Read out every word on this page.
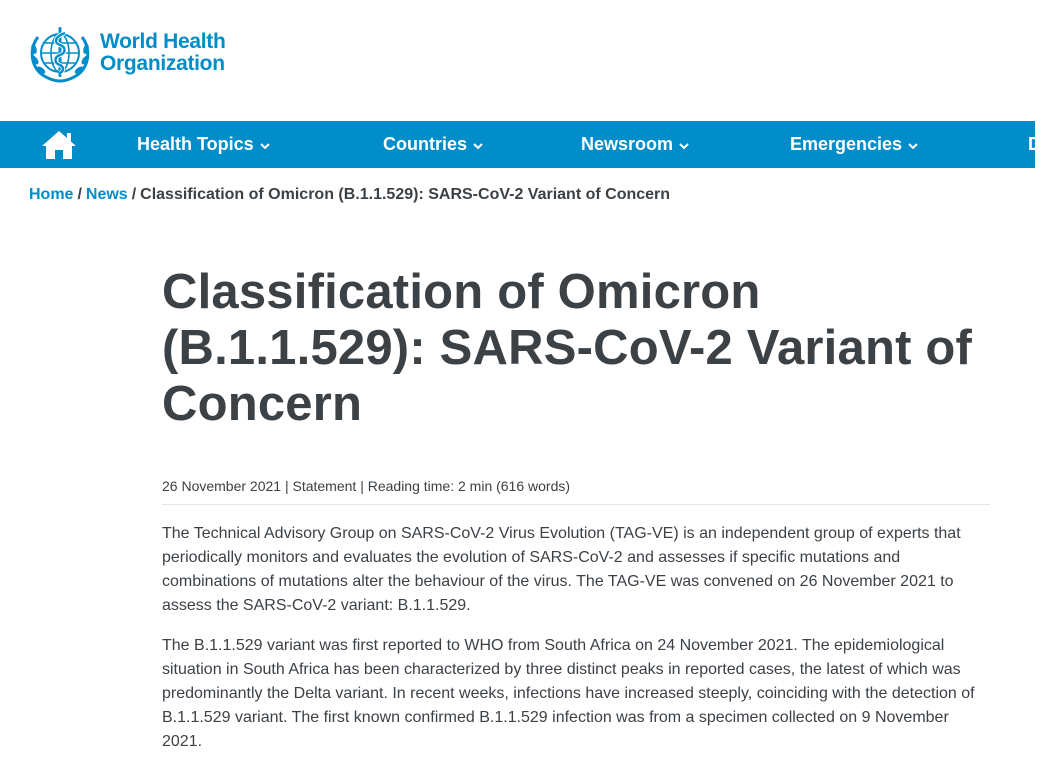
World Health
Organization
Health Topics	Countries	Newsroom	Emergencies	D
Home / News / Classification of Omicron (B.1.1.529): SARS-CoV-2 Variant of Concern
Classification of Omicron (B.1.1.529): SARS-CoV-2 Variant of Concern
26 November 2021 | Statement | Reading time: 2 min (616 words)

The Technical Advisory Group on SARS-CoV-2 Virus Evolution (TAG-VE) is an independent group of experts that periodically monitors and evaluates the evolution of SARS-CoV-2 and assesses if specific mutations and combinations of mutations alter the behaviour of the virus. The TAG-VE was convened on 26 November 2021 to assess the SARS-CoV-2 variant: B.1.1.529.

The B.1.1.529 variant was first reported to WHO from South Africa on 24 November 2021. The epidemiological situation in South Africa has been characterized by three distinct peaks in reported cases, the latest of which was predominantly the Delta variant. In recent weeks, infections have increased steeply, coinciding with the detection of B.1.1.529 variant. The first known confirmed B.1.1.529 infection was from a specimen collected on 9 November 2021.
